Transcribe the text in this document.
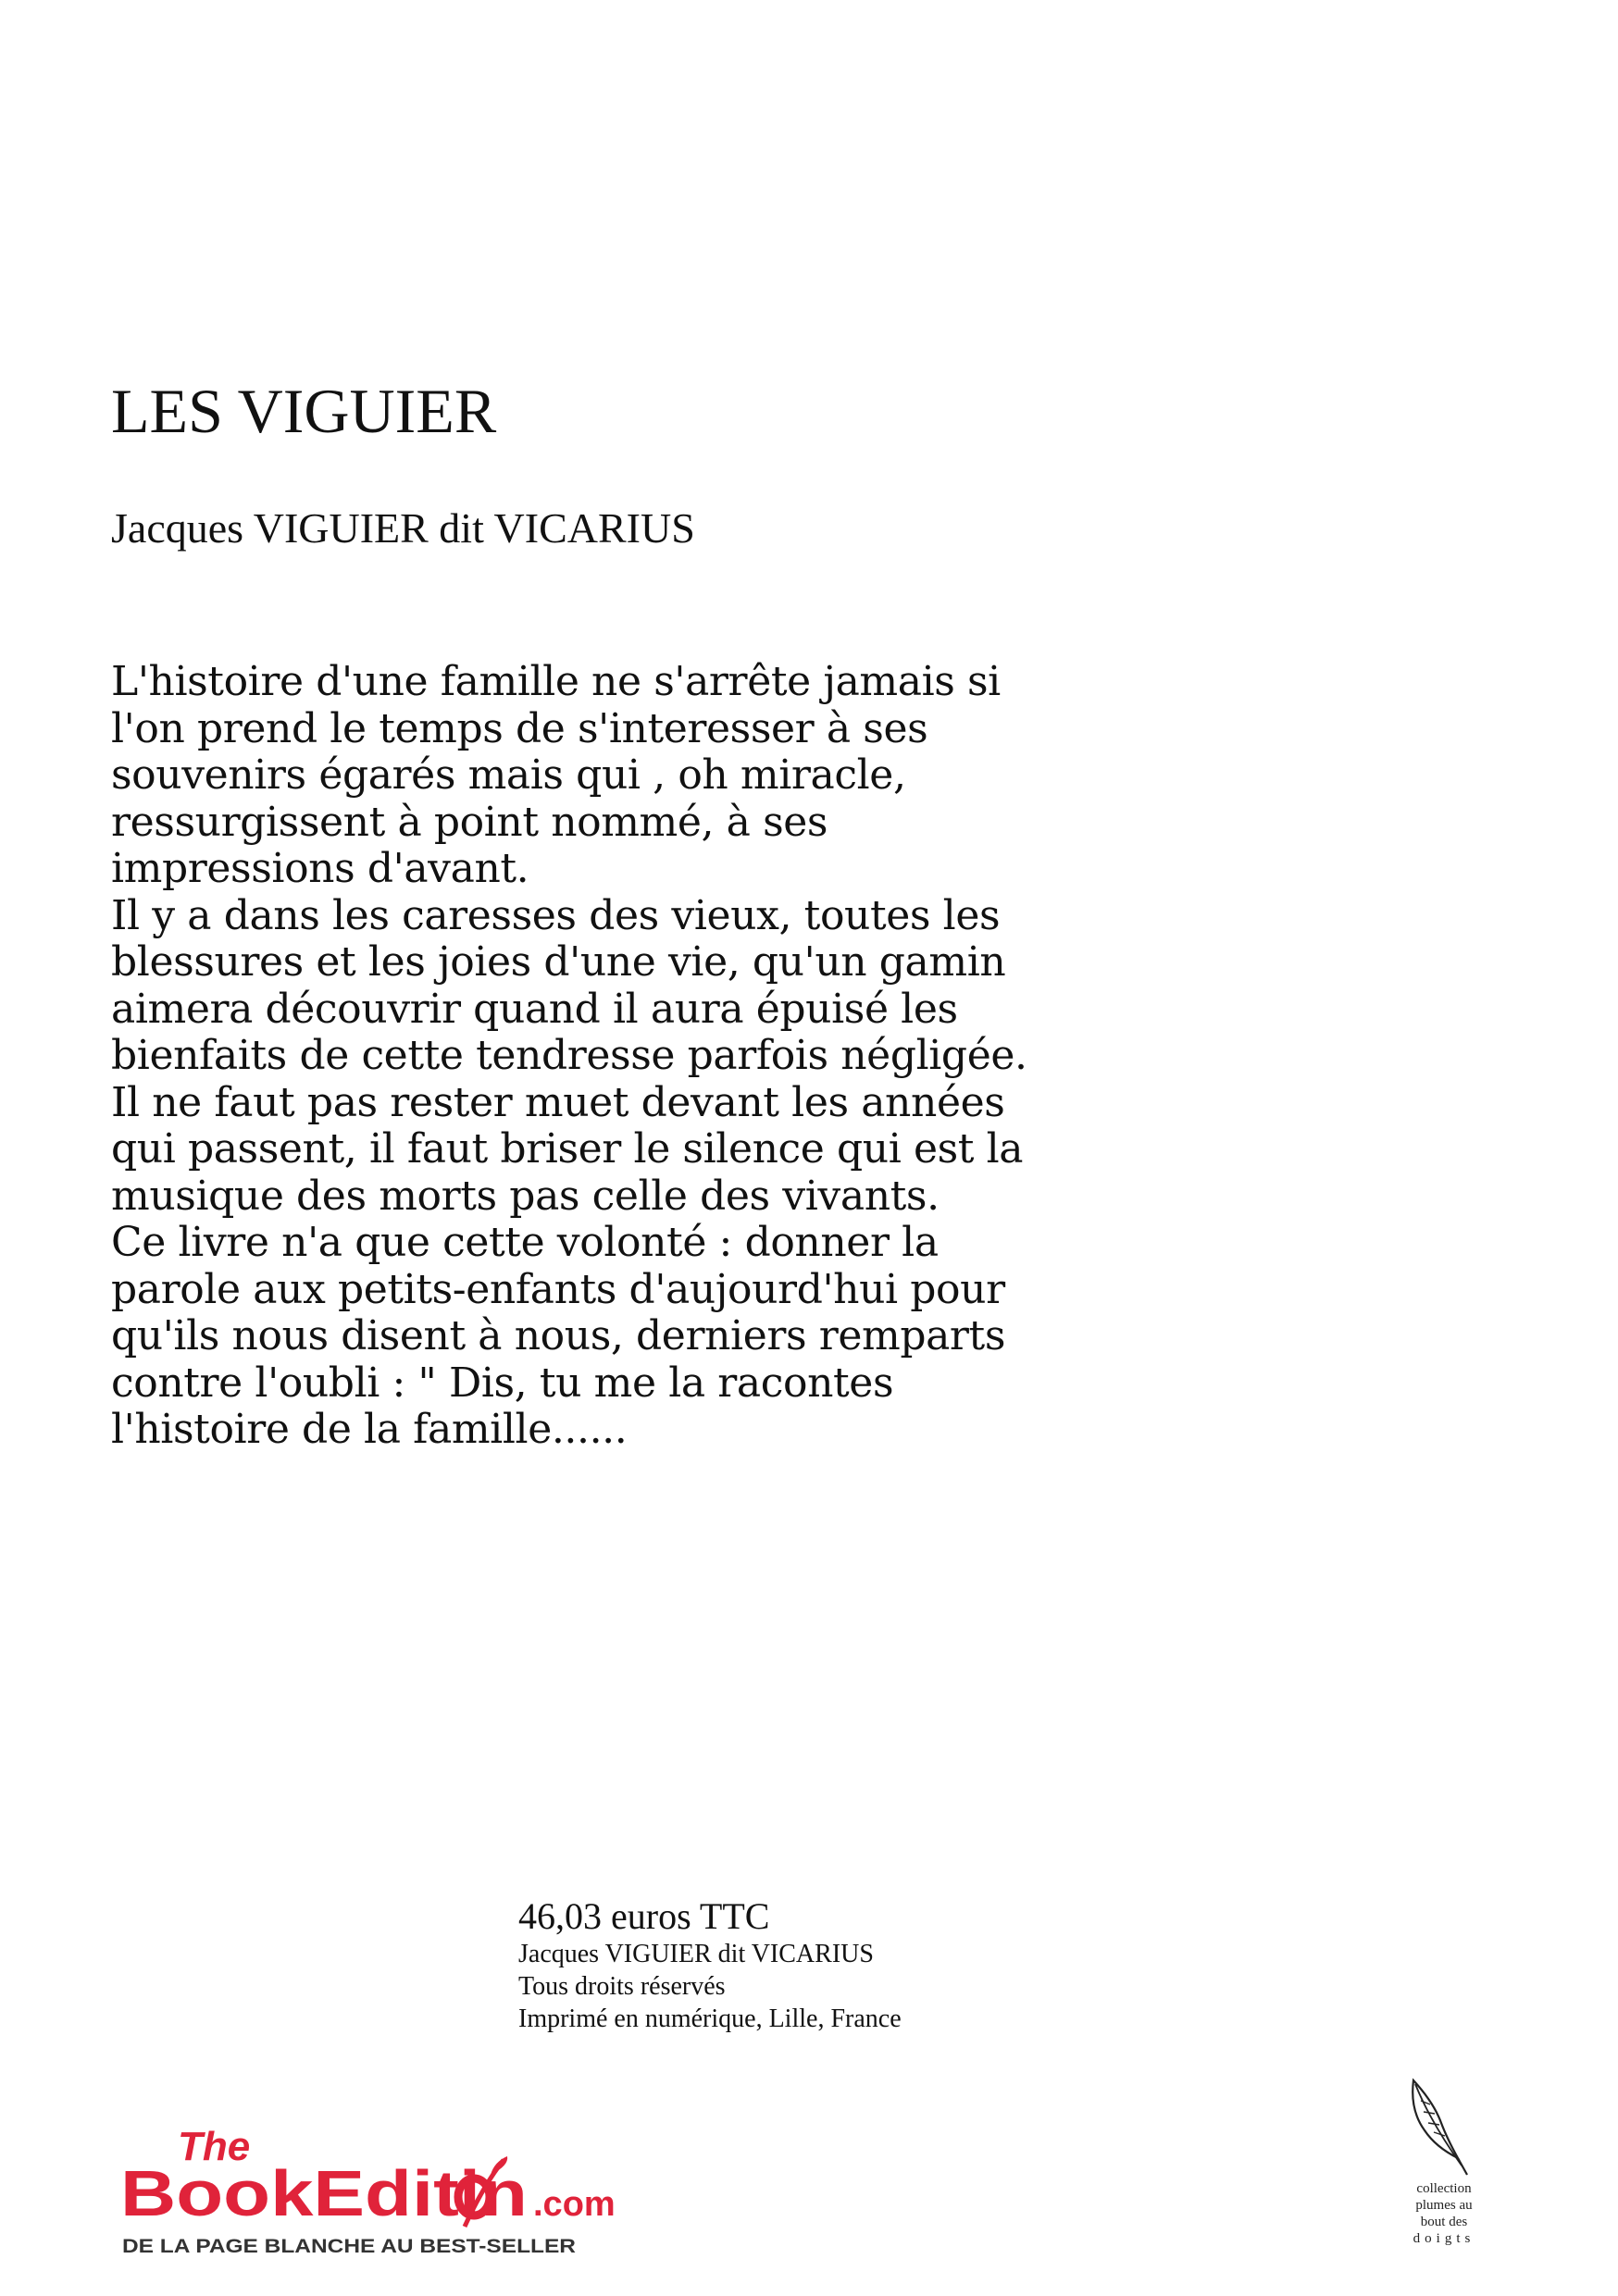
LES VIGUIER
Jacques VIGUIER dit VICARIUS
L'histoire d'une famille ne s'arrête jamais si
l'on prend le temps de s'interesser à ses
souvenirs égarés mais qui , oh miracle,
ressurgissent à point nommé, à ses
impressions d'avant.
Il y a dans les caresses des vieux, toutes les
blessures et les joies d'une vie, qu'un gamin
aimera découvrir quand il aura épuisé les
bienfaits de cette tendresse parfois négligée.
Il ne faut pas rester muet devant les années
qui passent, il faut briser le silence qui est la
musique des morts pas celle des vivants.
Ce livre n'a que cette volonté : donner la
parole aux petits-enfants d'aujourd'hui pour
qu'ils nous disent à nous, derniers remparts
contre l'oubli : " Dis, tu me la racontes
l'histoire de la famille......
46,03 euros TTC
Jacques VIGUIER dit VICARIUS
Tous droits réservés
Imprimé en numérique, Lille, France
The
BookEditi n .com
DE LA PAGE BLANCHE AU BEST-SELLER
collection
plumes au
bout des
doigts
